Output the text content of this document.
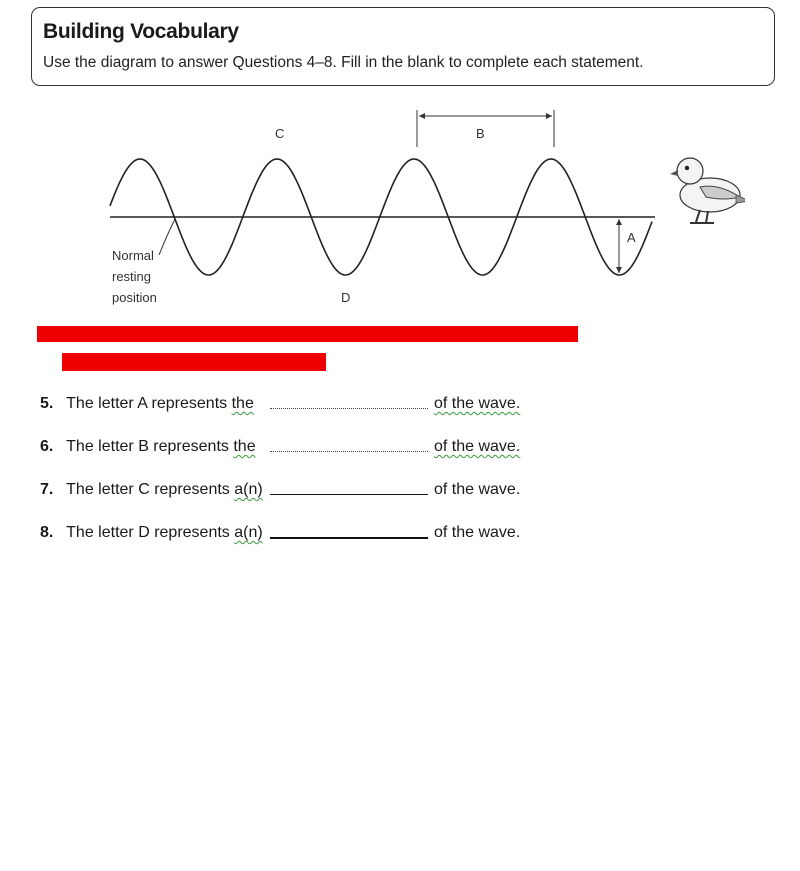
Building Vocabulary
Use the diagram to answer Questions 4–8. Fill in the blank to complete each statement.
B
C
A
D
Normal
resting
position
5. The letter A represents the	of the wave.
6. The letter B represents the	of the wave.
7. The letter C represents a(n)	of the wave.
8. The letter D represents a(n)	of the wave.
